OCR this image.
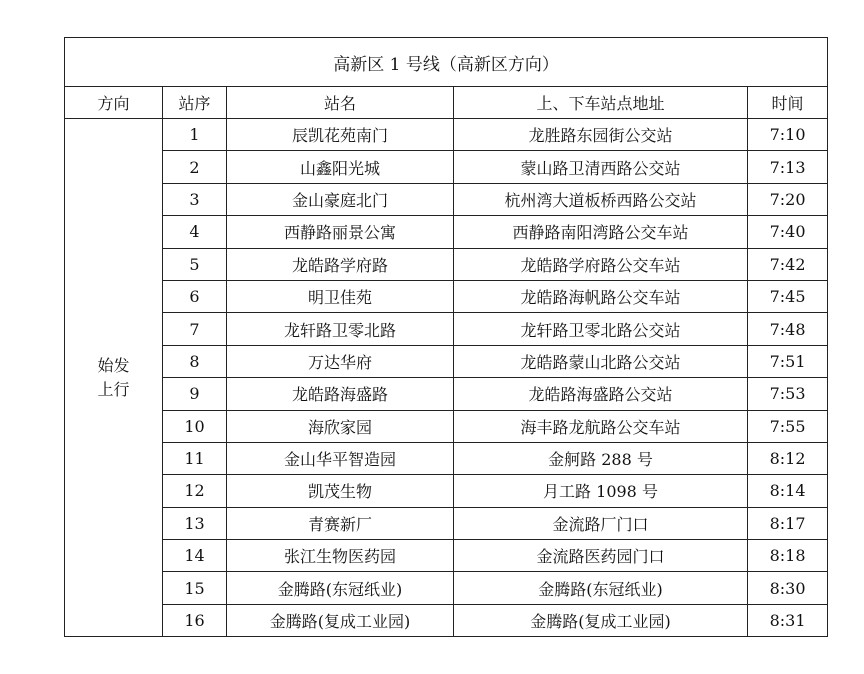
高新区 1 号线（高新区方向）				
方向	站序	站名	上、下车站点地址	时间

始发
上行	1	辰凯花苑南门	龙胜路东园街公交站	7:10
	2	山鑫阳光城	蒙山路卫清西路公交站	7:13
	3	金山豪庭北门	杭州湾大道板桥西路公交站	7:20
	4	西静路丽景公寓	西静路南阳湾路公交车站	7:40
	5	龙皓路学府路	龙皓路学府路公交车站	7:42
	6	明卫佳苑	龙皓路海帆路公交车站	7:45
	7	龙轩路卫零北路	龙轩路卫零北路公交站	7:48
	8	万达华府	龙皓路蒙山北路公交站	7:51
	9	龙皓路海盛路	龙皓路海盛路公交站	7:53
	10	海欣家园	海丰路龙航路公交车站	7:55
	11	金山华平智造园	金舸路 288 号	8:12
	12	凯茂生物	月工路 1098 号	8:14
	13	青赛新厂	金流路厂门口	8:17
	14	张江生物医药园	金流路医药园门口	8:18
	15	金腾路(东冠纸业)	金腾路(东冠纸业)	8:30
	16	金腾路(复成工业园)	金腾路(复成工业园)	8:31
